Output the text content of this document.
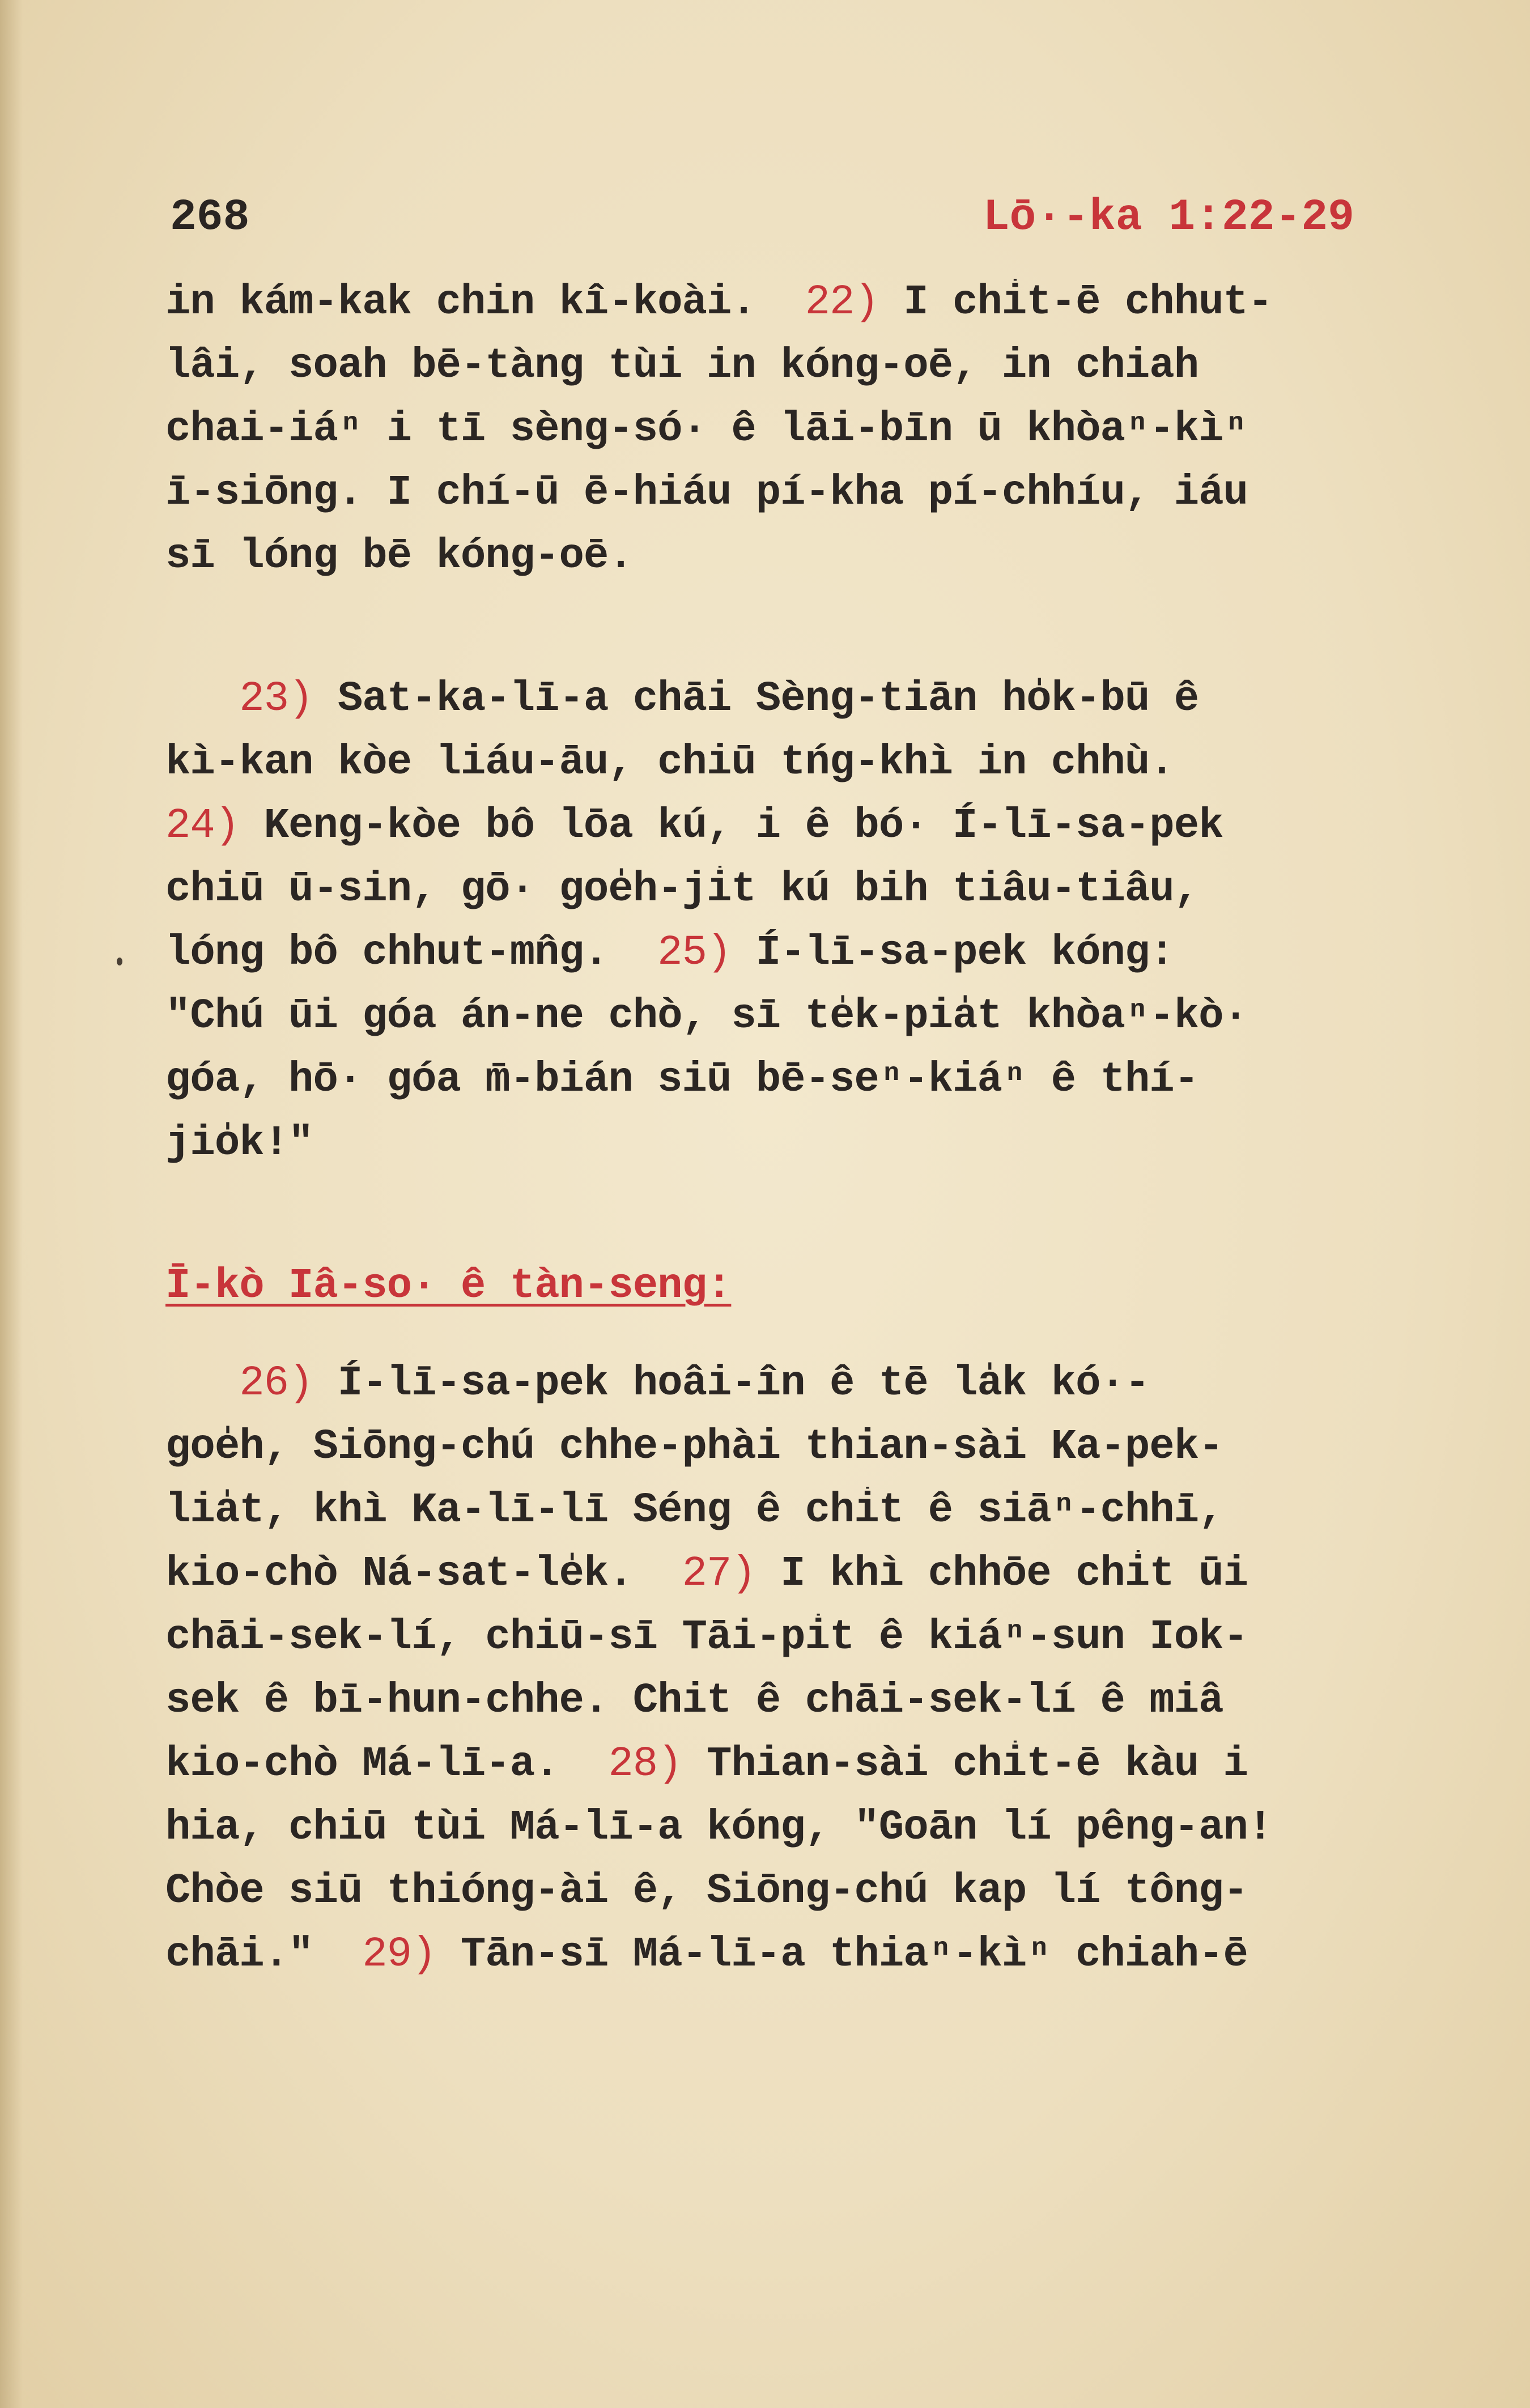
268	Lō·-ka 1:22-29
in kám-kak chin kî-koài.  22) I chi̍t-ē chhut-
lâi, soah bē-tàng tùi in kóng-oē, in chiah
chai-iáⁿ i tī sèng-só· ê lāi-bīn ū khòaⁿ-kìⁿ
ī-siōng. I chí-ū ē-hiáu pí-kha pí-chhíu, iáu
sī lóng bē kóng-oē.
23) Sat-ka-lī-a chāi Sèng-tiān ho̍k-bū ê
kì-kan kòe liáu-āu, chiū tńg-khì in chhù.
24) Keng-kòe bô lōa kú, i ê bó· Í-lī-sa-pek
chiū ū-sin, gō· goe̍h-ji̍t kú bih tiâu-tiâu,
lóng bô chhut-mn̂g.  25) Í-lī-sa-pek kóng:
"Chú ūi góa án-ne chò, sī te̍k-pia̍t khòaⁿ-kò·
góa, hō· góa m̄-bián siū bē-seⁿ-kiáⁿ ê thí-
jio̍k!"
Ī-kò Iâ-so· ê tàn-seng:
26) Í-lī-sa-pek hoâi-în ê tē la̍k kó·-
goe̍h, Siōng-chú chhe-phài thian-sài Ka-pek-
lia̍t, khì Ka-lī-lī Séng ê chi̍t ê siāⁿ-chhī,
kio-chò Ná-sat-le̍k.  27) I khì chhōe chi̍t ūi
chāi-sek-lí, chiū-sī Tāi-pi̍t ê kiáⁿ-sun Iok-
sek ê bī-hun-chhe. Chit ê chāi-sek-lí ê miâ
kio-chò Má-lī-a.  28) Thian-sài chi̍t-ē kàu i
hia, chiū tùi Má-lī-a kóng, "Goān lí pêng-an!
Chòe siū thióng-ài ê, Siōng-chú kap lí tông-
chāi."  29) Tān-sī Má-lī-a thiaⁿ-kìⁿ chiah-ē
